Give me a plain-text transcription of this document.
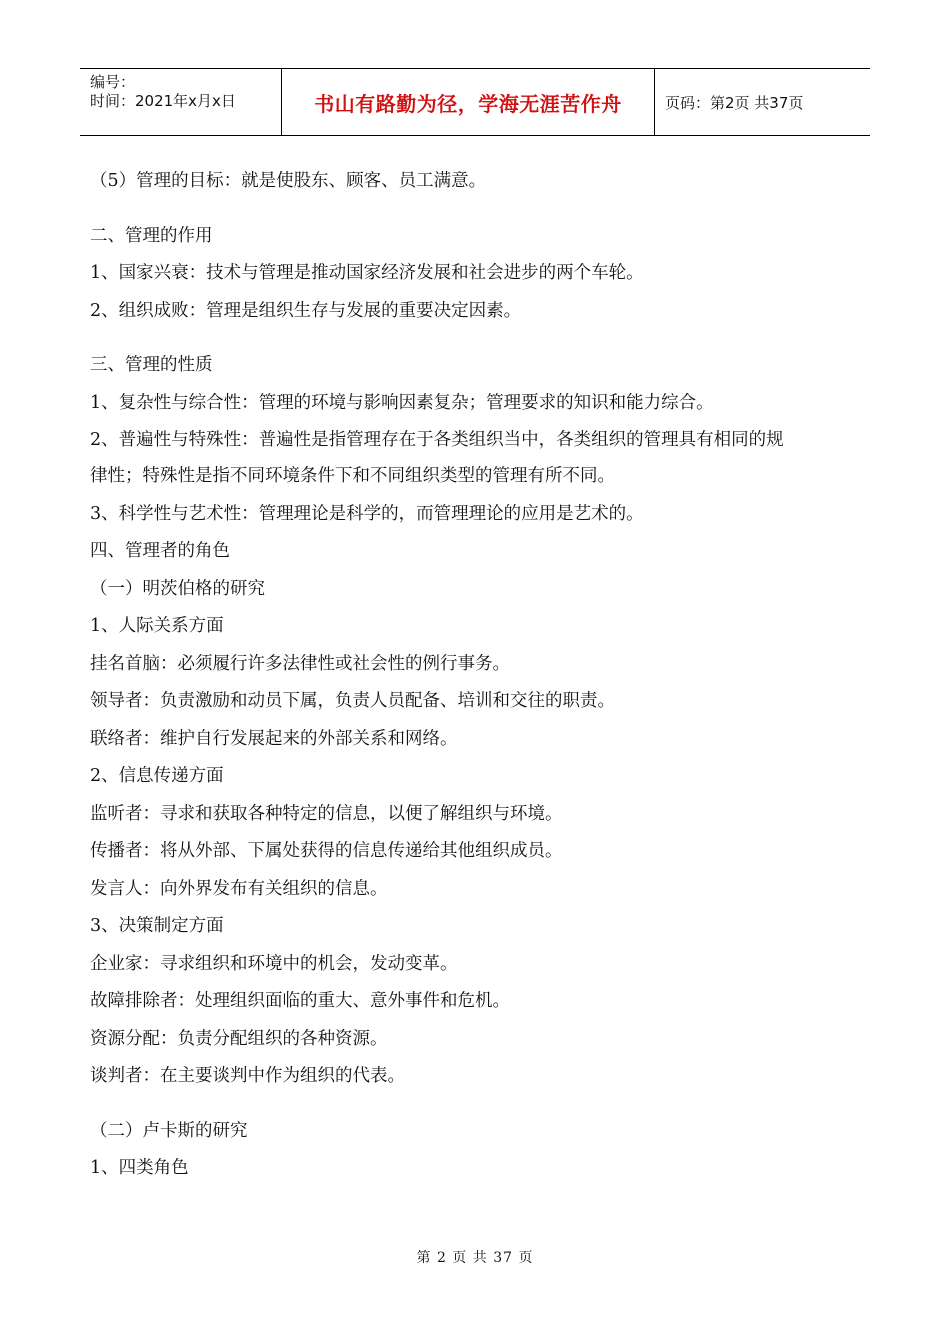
编号：
时间：2021年x月x日	书山有路勤为径，学海无涯苦作舟	页码：第2页 共37页
（5）管理的目标：就是使股东、顾客、员工满意。
二、管理的作用
1、国家兴衰：技术与管理是推动国家经济发展和社会进步的两个车轮。
2、组织成败：管理是组织生存与发展的重要决定因素。
三、管理的性质
1、复杂性与综合性：管理的环境与影响因素复杂；管理要求的知识和能力综合。
2、普遍性与特殊性：普遍性是指管理存在于各类组织当中，各类组织的管理具有相同的规
律性；特殊性是指不同环境条件下和不同组织类型的管理有所不同。
3、科学性与艺术性：管理理论是科学的，而管理理论的应用是艺术的。
四、管理者的角色
（一）明茨伯格的研究
1、人际关系方面
挂名首脑：必须履行许多法律性或社会性的例行事务。
领导者：负责激励和动员下属，负责人员配备、培训和交往的职责。
联络者：维护自行发展起来的外部关系和网络。
2、信息传递方面
监听者：寻求和获取各种特定的信息，以便了解组织与环境。
传播者：将从外部、下属处获得的信息传递给其他组织成员。
发言人：向外界发布有关组织的信息。
3、决策制定方面
企业家：寻求组织和环境中的机会，发动变革。
故障排除者：处理组织面临的重大、意外事件和危机。
资源分配：负责分配组织的各种资源。
谈判者：在主要谈判中作为组织的代表。
（二）卢卡斯的研究
1、四类角色
第 2 页 共 37 页
